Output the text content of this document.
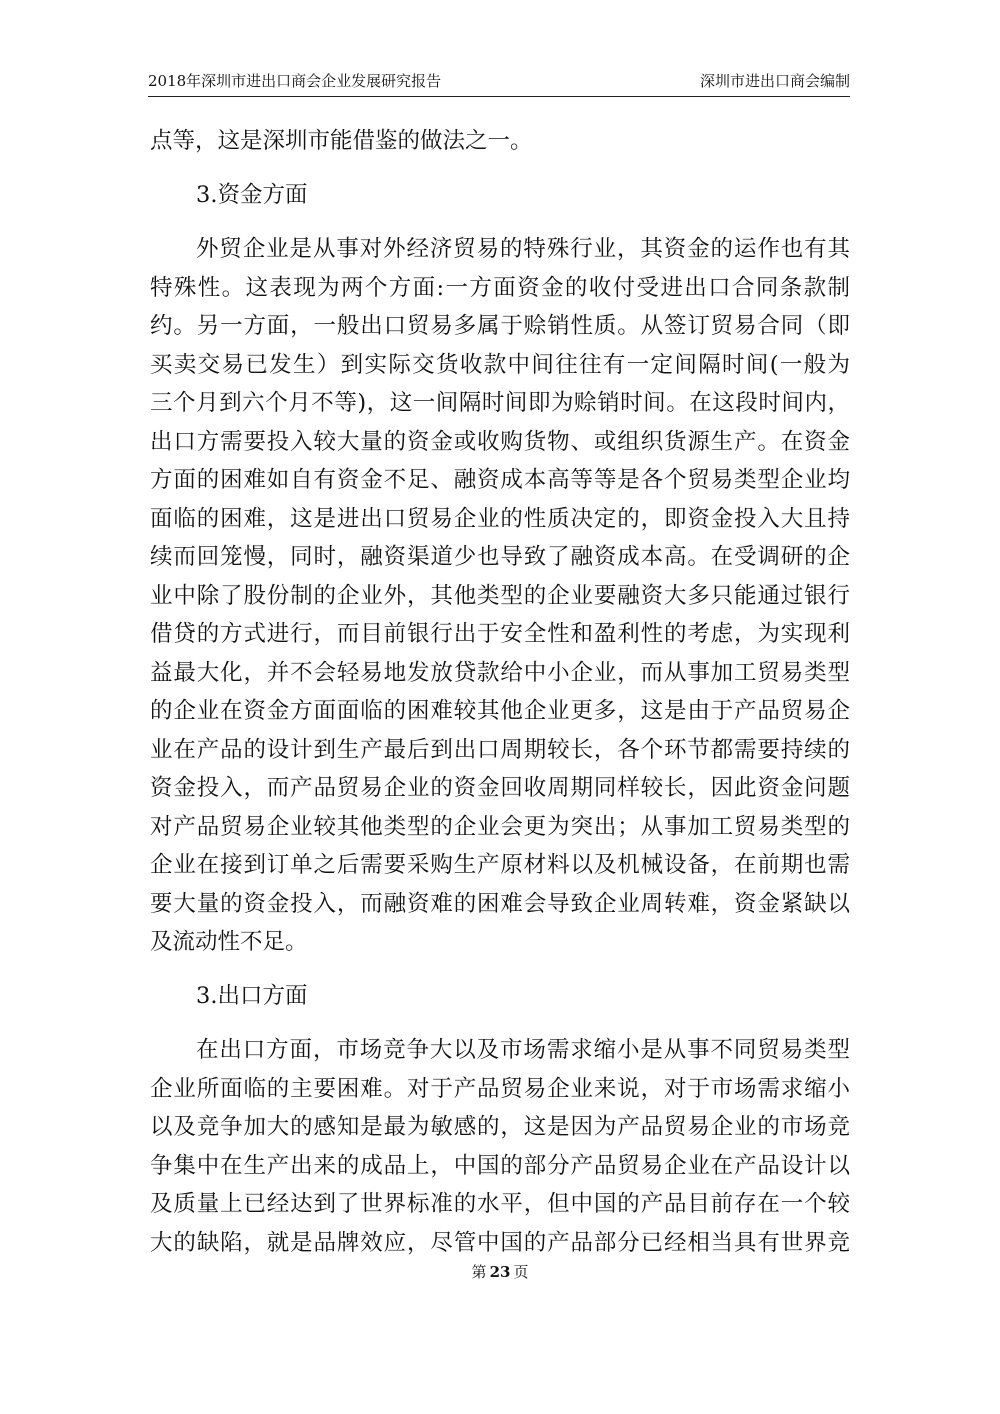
2018年深圳市进出口商会企业发展研究报告	深圳市进出口商会编制
点等，这是深圳市能借鉴的做法之一。
3.资金方面
外贸企业是从事对外经济贸易的特殊行业，其资金的运作也有其
特殊性。这表现为两个方面:一方面资金的收付受进出口合同条款制
约。另一方面，一般出口贸易多属于赊销性质。从签订贸易合同（即
买卖交易已发生）到实际交货收款中间往往有一定间隔时间(一般为
三个月到六个月不等)，这一间隔时间即为赊销时间。在这段时间内，
出口方需要投入较大量的资金或收购货物、或组织货源生产。在资金
方面的困难如自有资金不足、融资成本高等等是各个贸易类型企业均
面临的困难，这是进出口贸易企业的性质决定的，即资金投入大且持
续而回笼慢，同时，融资渠道少也导致了融资成本高。在受调研的企
业中除了股份制的企业外，其他类型的企业要融资大多只能通过银行
借贷的方式进行，而目前银行出于安全性和盈利性的考虑，为实现利
益最大化，并不会轻易地发放贷款给中小企业，而从事加工贸易类型
的企业在资金方面面临的困难较其他企业更多，这是由于产品贸易企
业在产品的设计到生产最后到出口周期较长，各个环节都需要持续的
资金投入，而产品贸易企业的资金回收周期同样较长，因此资金问题
对产品贸易企业较其他类型的企业会更为突出；从事加工贸易类型的
企业在接到订单之后需要采购生产原材料以及机械设备，在前期也需
要大量的资金投入，而融资难的困难会导致企业周转难，资金紧缺以
及流动性不足。
3.出口方面
在出口方面，市场竞争大以及市场需求缩小是从事不同贸易类型
企业所面临的主要困难。对于产品贸易企业来说，对于市场需求缩小
以及竞争加大的感知是最为敏感的，这是因为产品贸易企业的市场竞
争集中在生产出来的成品上，中国的部分产品贸易企业在产品设计以
及质量上已经达到了世界标准的水平，但中国的产品目前存在一个较
大的缺陷，就是品牌效应，尽管中国的产品部分已经相当具有世界竞
第 23 页
